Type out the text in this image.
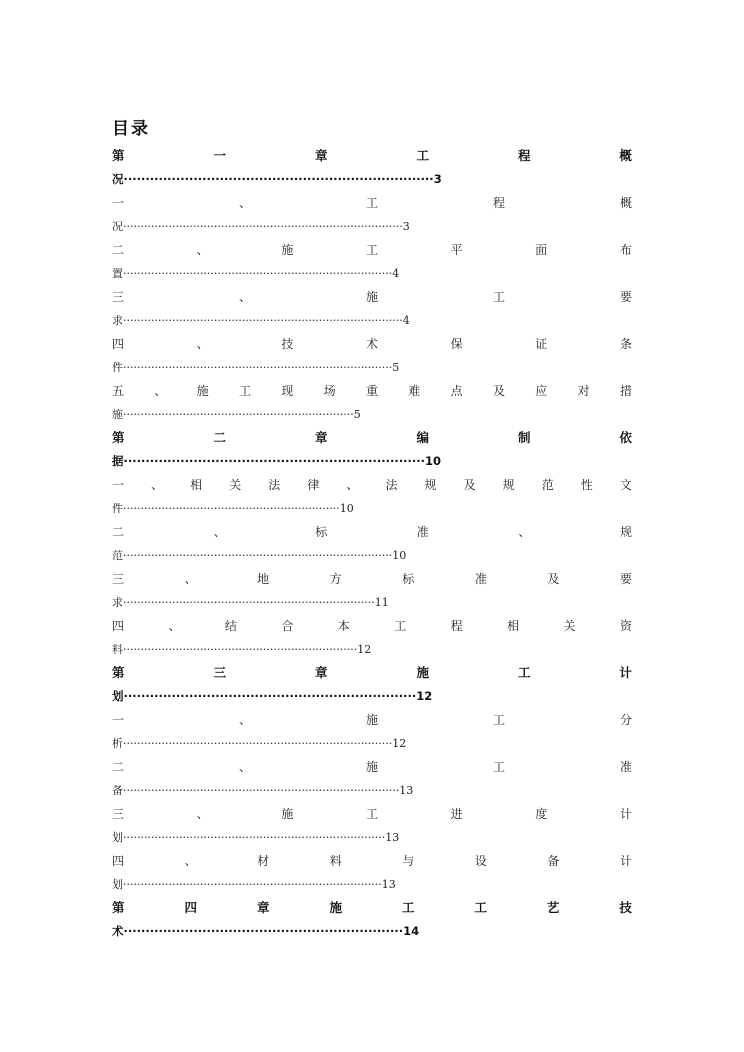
目录
第	一	章	工	程	概
况 ······································································· 3
一	、	工	程	概
况 ················································································ 3
二	、	施	工	平	面	布
置 ············································································· 4
三	、	施	工	要
求 ················································································ 4
四	、	技	术	保	证	条
件 ············································································· 5
五	、	施	工	现	场	重	难	点	及	应	对	措
施 ·································································· 5
第	二	章	编	制	依
据 ····································································· 10
一 、 相 关 法 律 、 法 规 及 规 范 性 文
件 ······························································ 10
二	、	标	准	、	规
范 ············································································· 10
三	、	地	方	标	准	及	要
求 ········································································ 11
四	、	结	合	本	工	程	相	关	资
料 ··································································· 12
第	三	章	施	工	计
划 ··································································· 12
一	、	施	工	分
析 ············································································· 12
二	、	施	工	准
备 ··············································································· 13
三	、	施	工	进	度	计
划 ··········································································· 13
四	、	材	料	与	设	备	计
划 ·········································································· 13
第	四	章	施	工	工	艺	技
术 ································································ 14
